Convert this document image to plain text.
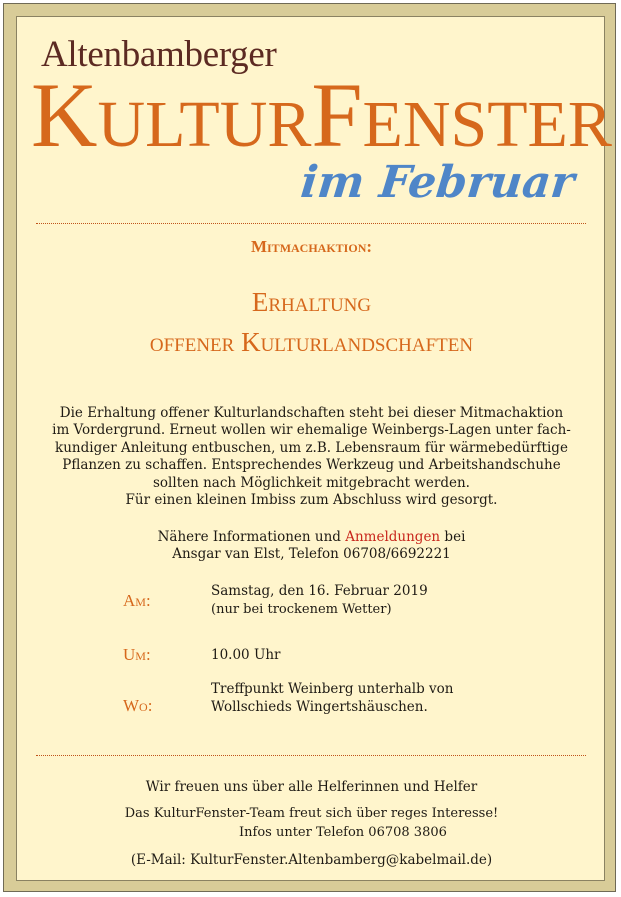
Altenbamberger
KULTURFENSTER
im Februar
Mitmachaktion:
Erhaltung
offener Kulturlandschaften
Die Erhaltung offener Kulturlandschaften steht bei dieser Mitmachaktion
im Vordergrund. Erneut wollen wir ehemalige Weinbergs-Lagen unter fach-
kundiger Anleitung entbuschen, um z.B. Lebensraum für wärmebedürftige
Pflanzen zu schaffen. Entsprechendes Werkzeug und Arbeitshandschuhe
sollten nach Möglichkeit mitgebracht werden.
Für einen kleinen Imbiss zum Abschluss wird gesorgt.
Nähere Informationen und Anmeldungen bei
Ansgar van Elst, Telefon 06708/6692221
Am:	Samstag, den 16. Februar 2019
(nur bei trockenem Wetter)
Um:	10.00 Uhr
Wo:
Treffpunkt Weinberg unterhalb von
Wollschieds Wingertshäuschen.
Wir freuen uns über alle Helferinnen und Helfer
Das KulturFenster-Team freut sich über reges Interesse!
Infos unter Telefon 06708 3806
(E-Mail: KulturFenster.Altenbamberg@kabelmail.de)
